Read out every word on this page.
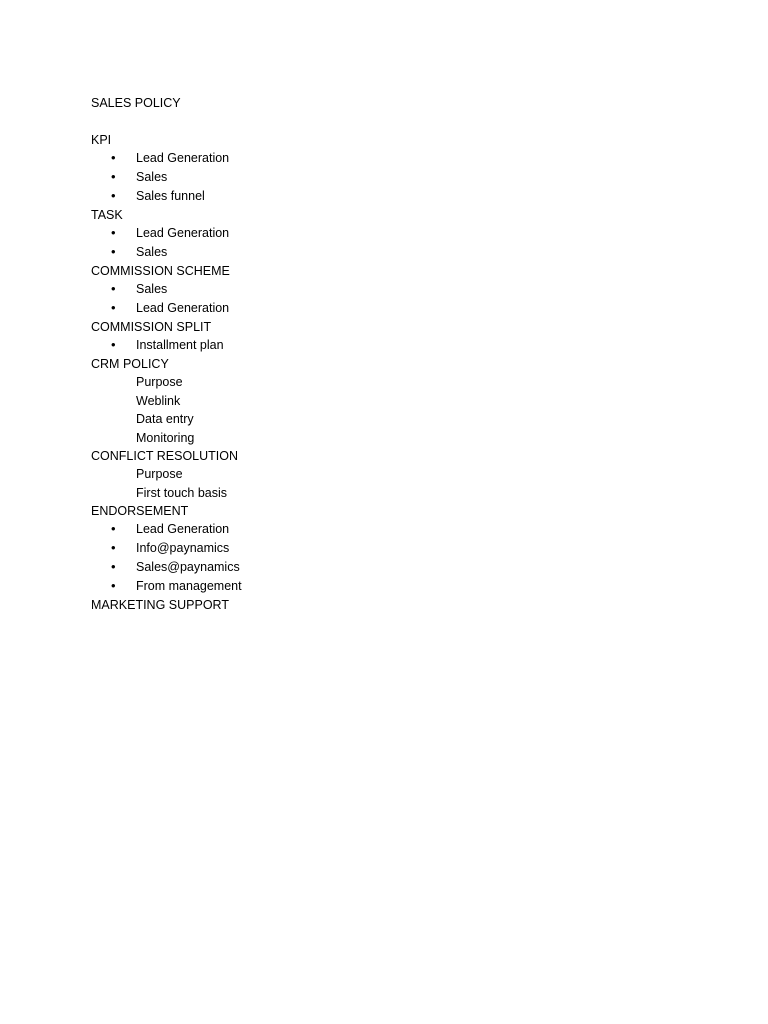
SALES POLICY
KPI
• Lead Generation
• Sales
• Sales funnel
TASK
• Lead Generation
• Sales
COMMISSION SCHEME
• Sales
• Lead Generation
COMMISSION SPLIT
• Installment plan
CRM POLICY
Purpose
Weblink
Data entry
Monitoring
CONFLICT RESOLUTION
Purpose
First touch basis
ENDORSEMENT
• Lead Generation
• Info@paynamics
• Sales@paynamics
• From management
MARKETING SUPPORT
